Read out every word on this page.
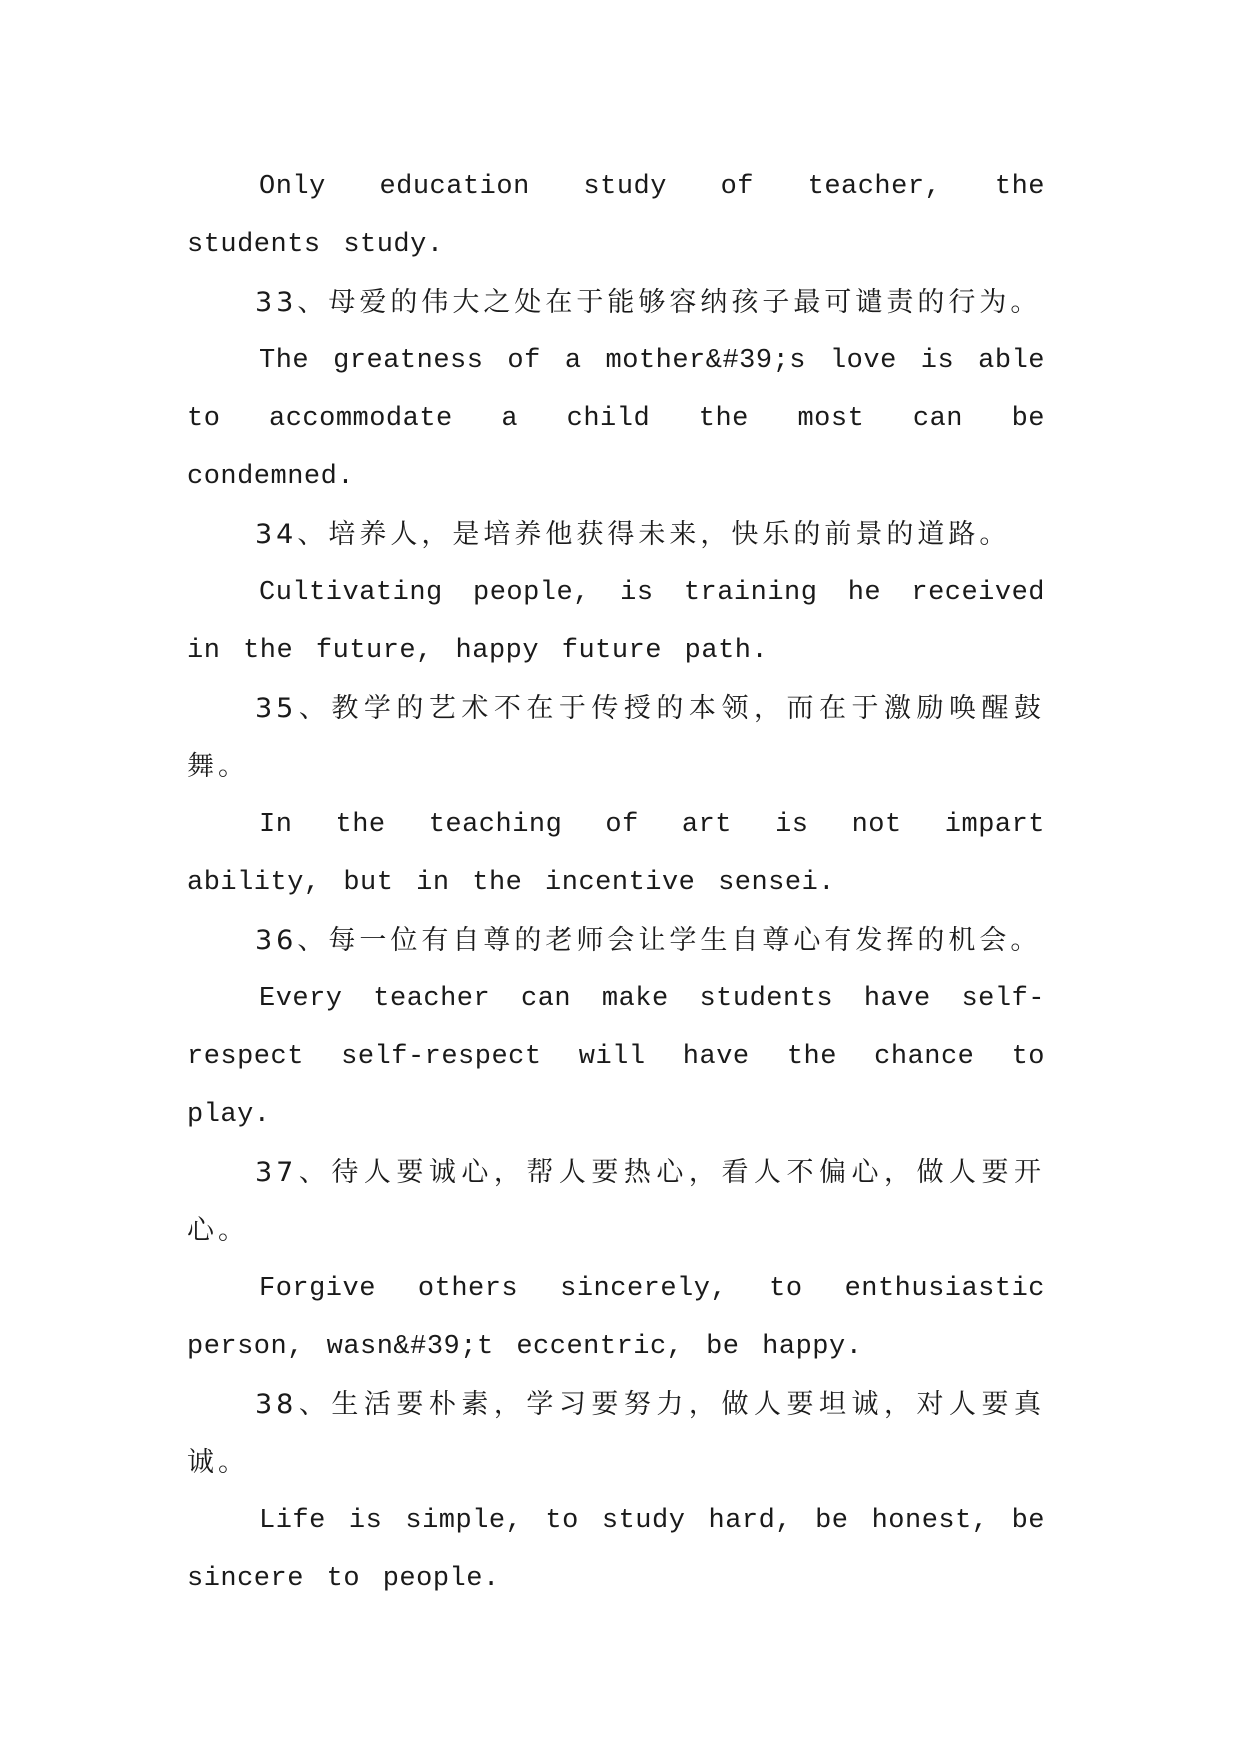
Only education study of teacher, the students study.

33、母爱的伟大之处在于能够容纳孩子最可谴责的行为。

The greatness of a mother&#39;s love is able to accommodate a child the most can be condemned.

34、培养人，是培养他获得未来，快乐的前景的道路。

Cultivating people, is training he received in the future, happy future path.

35、教学的艺术不在于传授的本领，而在于激励唤醒鼓舞。

In the teaching of art is not impart ability, but in the incentive sensei.

36、每一位有自尊的老师会让学生自尊心有发挥的机会。

Every teacher can make students have self-respect self-respect will have the chance to play.

37、待人要诚心，帮人要热心，看人不偏心，做人要开心。

Forgive others sincerely, to enthusiastic person, wasn&#39;t eccentric, be happy.

38、生活要朴素，学习要努力，做人要坦诚，对人要真诚。

Life is simple, to study hard, be honest, be sincere to people.
